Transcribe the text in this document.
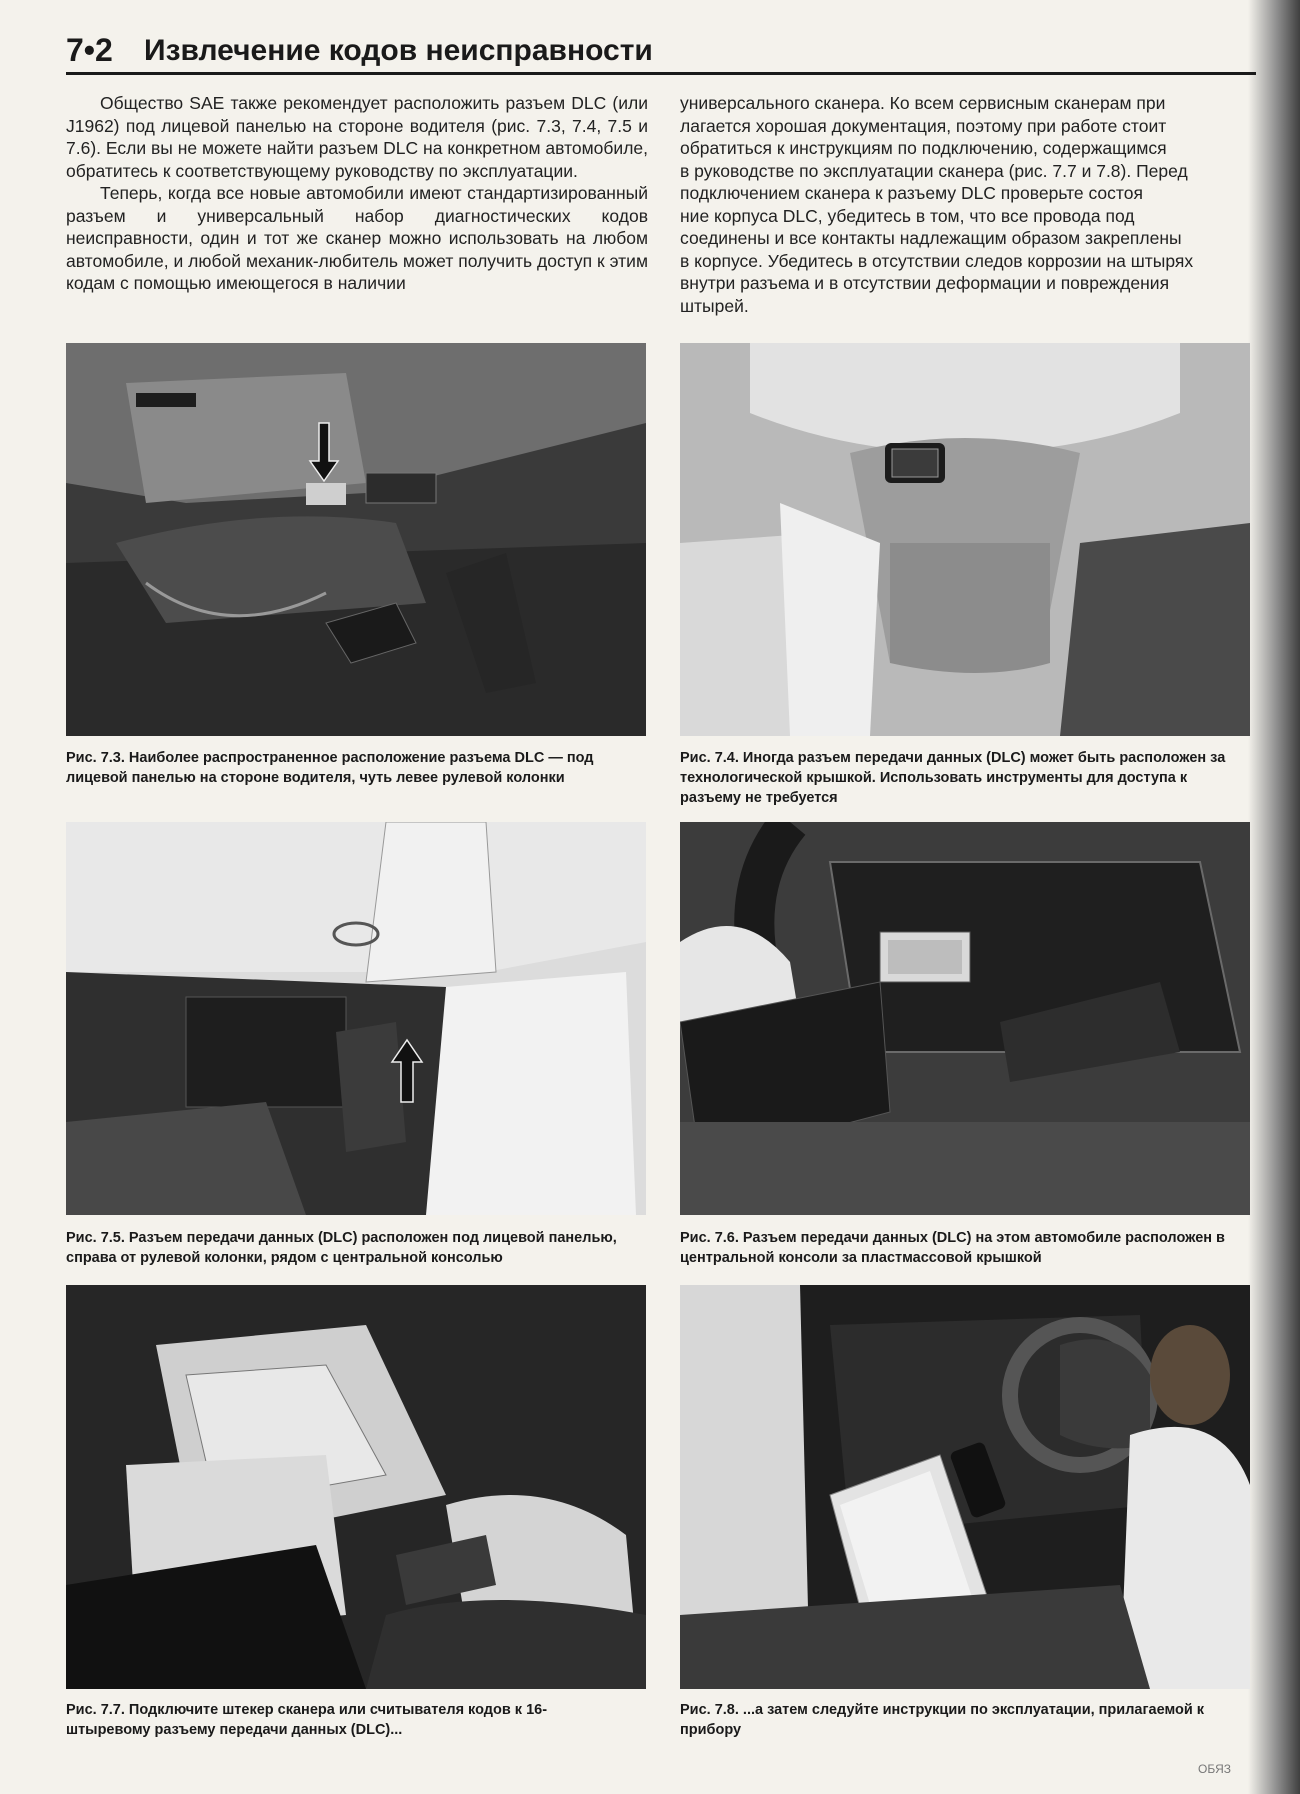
7•2 Извлечение кодов неисправности

Общество SAE также рекомендует расположить разъем DLC (или J1962) под лицевой панелью на стороне водителя (рис. 7.3, 7.4, 7.5 и 7.6). Если вы не можете найти разъем DLC на конкретном автомобиле, обратитесь к соответствующему руководству по эксплуатации.

Теперь, когда все новые автомобили имеют стандартизированный разъем и универсальный набор диагностических кодов неисправности, один и тот же сканер можно использовать на любом автомобиле, и любой механик-любитель может получить доступ к этим кодам с помощью имеющегося в наличии

универсального сканера. Ко всем сервисным сканерам при
лагается хорошая документация, поэтому при работе стоит
обратиться к инструкциям по подключению, содержащимся
в руководстве по эксплуатации сканера (рис. 7.7 и 7.8). Перед
подключением сканера к разъему DLC проверьте состоя
ние корпуса DLC, убедитесь в том, что все провода под
соединены и все контакты надлежащим образом закреплены
в корпусе. Убедитесь в отсутствии следов коррозии на штырях
внутри разъема и в отсутствии деформации и повреждения
штырей.
Рис. 7.3. Наиболее распространенное расположение разъема DLC — под лицевой панелью на стороне водителя, чуть левее рулевой колонки
Рис. 7.4. Иногда разъем передачи данных (DLC) может быть расположен за технологической крышкой. Использовать инструменты для доступа к разъему не требуется
Рис. 7.5. Разъем передачи данных (DLC) расположен под лицевой панелью, справа от рулевой колонки, рядом с центральной консолью
Рис. 7.6. Разъем передачи данных (DLC) на этом автомобиле расположен в центральной консоли за пластмассовой крышкой
Рис. 7.7. Подключите штекер сканера или считывателя кодов к 16-штыревому разъему передачи данных (DLC)...
Рис. 7.8. ...а затем следуйте инструкции по эксплуатации, прилагаемой к прибору
ОБЯЗ
